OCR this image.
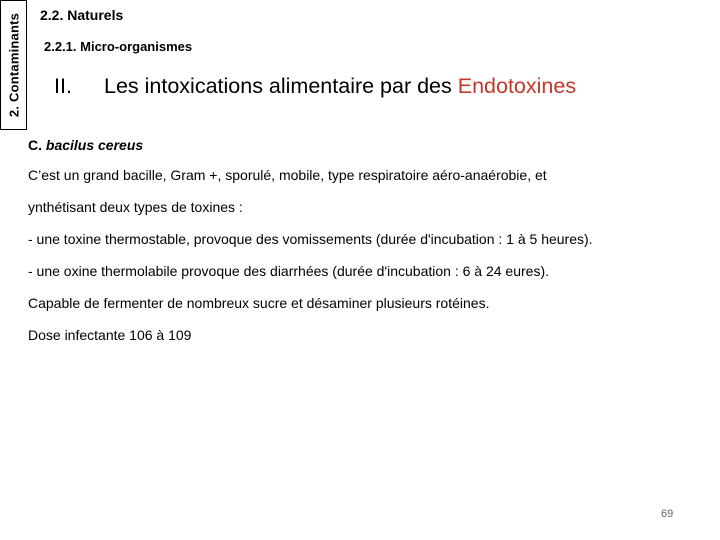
2. Contaminants 2.2. Naturels
2.2.1. Micro-organismes
II. Les intoxications alimentaire par des Endotoxines

C. bacilus cereus

C’est un grand bacille, Gram +, sporulé, mobile, type respiratoire aéro-anaérobie, et

ynthétisant deux types de toxines :

- une toxine thermostable, provoque des vomissements (durée d'incubation : 1 à 5 heures).

- une oxine thermolabile provoque des diarrhées (durée d'incubation : 6 à 24 eures).

Capable de fermenter de nombreux sucre et désaminer plusieurs rotéines.

Dose infectante 106 à 109

69
